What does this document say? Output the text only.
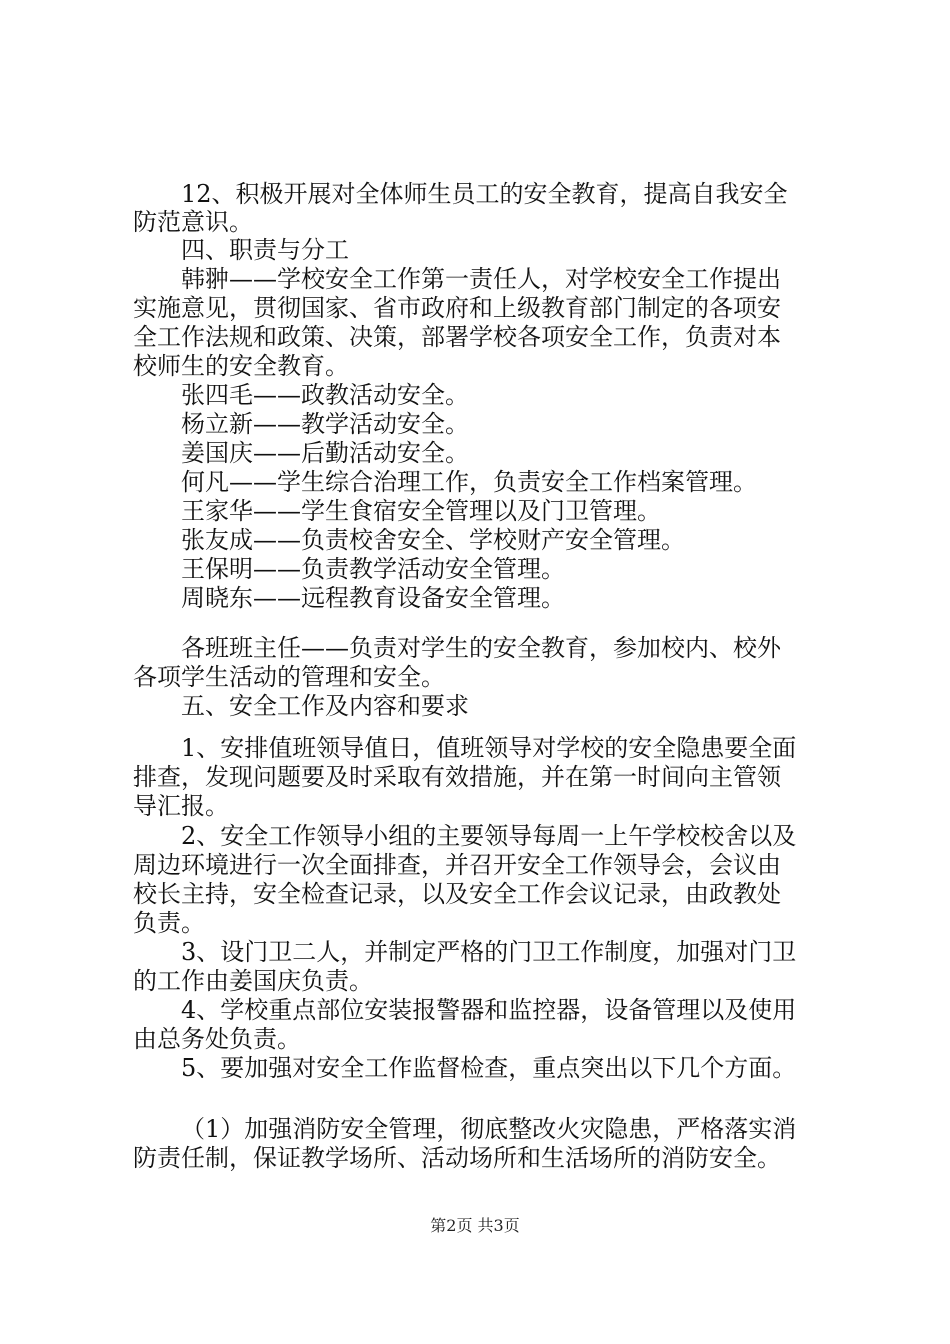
12、积极开展对全体师生员工的安全教育，提高自我安全
防范意识。
四、职责与分工
韩翀——学校安全工作第一责任人，对学校安全工作提出
实施意见，贯彻国家、省市政府和上级教育部门制定的各项安
全工作法规和政策、决策，部署学校各项安全工作，负责对本
校师生的安全教育。
张四毛——政教活动安全。
杨立新——教学活动安全。
姜国庆——后勤活动安全。
何凡——学生综合治理工作，负责安全工作档案管理。
王家华——学生食宿安全管理以及门卫管理。
张友成——负责校舍安全、学校财产安全管理。
王保明——负责教学活动安全管理。
周晓东——远程教育设备安全管理。
各班班主任——负责对学生的安全教育，参加校内、校外
各项学生活动的管理和安全。
五、安全工作及内容和要求
1、安排值班领导值日，值班领导对学校的安全隐患要全面
排查，发现问题要及时采取有效措施，并在第一时间向主管领
导汇报。
2、安全工作领导小组的主要领导每周一上午学校校舍以及
周边环境进行一次全面排查，并召开安全工作领导会，会议由
校长主持，安全检查记录，以及安全工作会议记录，由政教处
负责。
3、设门卫二人，并制定严格的门卫工作制度，加强对门卫
的工作由姜国庆负责。
4、学校重点部位安装报警器和监控器，设备管理以及使用
由总务处负责。
5、要加强对安全工作监督检查，重点突出以下几个方面。
（1）加强消防安全管理，彻底整改火灾隐患，严格落实消
防责任制，保证教学场所、活动场所和生活场所的消防安全。
第2页 共3页
